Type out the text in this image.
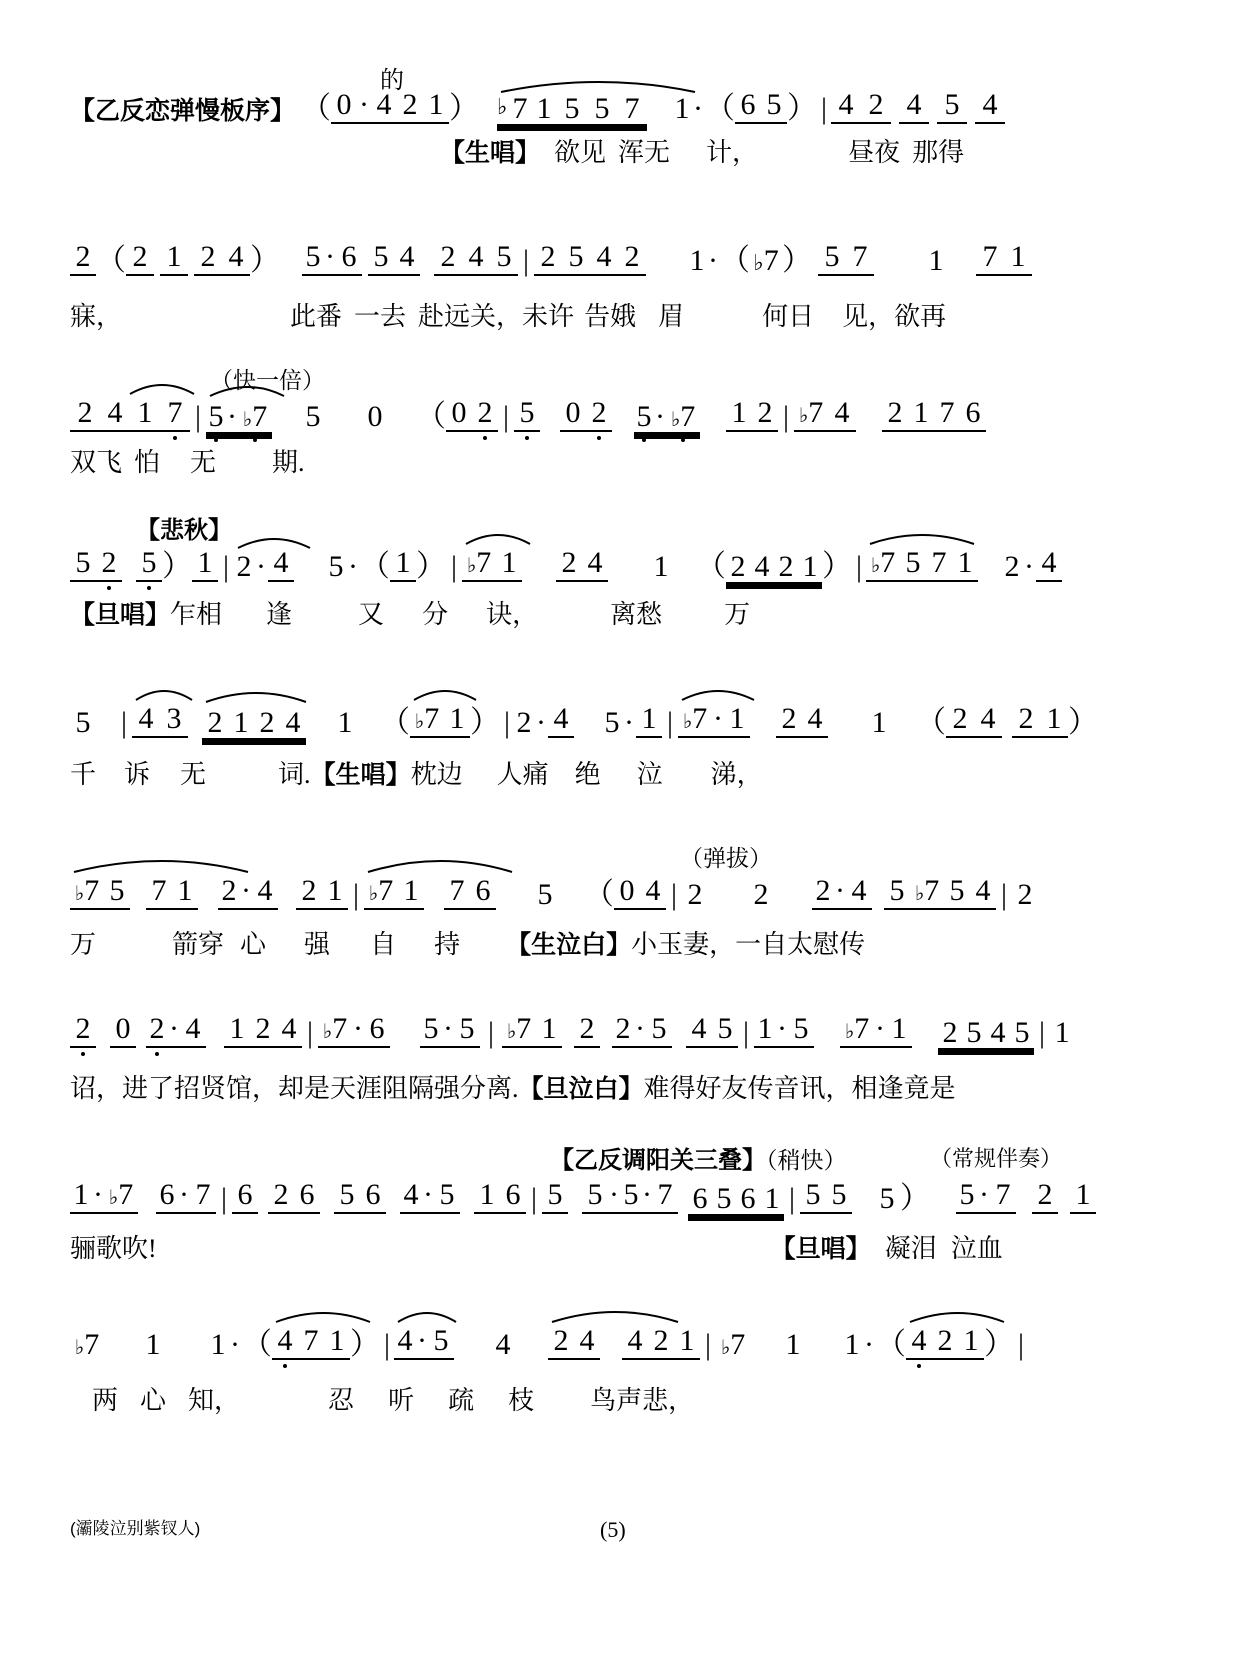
的
【乙反恋弹慢板序】 （ 0 · 4 2 1 ） ♭ 7 1 5 5 7 1 · （ 6 5 ） | 4 2 4 5 4
【生唱】 欲见 浑无 计，	昼夜 那得
2 （ 2 1 2 4 ） 5 · 6 5 4 2 4 5 | 2 5 4 2 1 · （ ♭7 ） 5 7 1 7 1
寐，	此番 一去 赴远关，未许 告娥 眉	何日 见，欲再
（快一倍）
2 4 1 7 | 5 · ♭7 5 0 （ 0 2 | 5 0 2 5 · ♭7 1 2 | ♭7 4 2 1 7 6
双飞 怕 无 期.
【悲秋】
5 2 5 ） 1 | 2 · 4 5 · （ 1 ） | ♭7 1 2 4 1 （ 2 4 2 1 ） | ♭7 5 7 1 2 · 4
【旦唱】 乍相 逢	又 分 诀，	离愁 万
5 | 4 3 2 1 2 4 1 （ ♭7 1 ） | 2 · 4 5 · 1 | ♭7 · 1 2 4 1 （ 2 4 2 1 ）
千 诉 无	词. 【生唱】 枕边 人痛 绝 泣 涕，
（弹拔）
♭7 5 7 1 2 · 4 2 1 | ♭7 1 7 6 5 （ 0 4 | 2 2 2 · 4 5 ♭7 5 4 | 2
万	箭穿 心 强 自 持 【生泣白】 小玉妻，一自太慰传
2 0 2 · 4 1 2 4 | ♭7 · 6 5 · 5 | ♭7 1 2 2 · 5 4 5 | 1 · 5 ♭7 · 1 2 5 4 5 | 1
诏，进了招贤馆，却是天涯阻隔强分离. 【旦泣白】 难得好友传音讯，相逢竟是
【乙反调阳关三叠】（稍快）	（常规伴奏）
1 · ♭7 6 · 7 | 6 2 6 5 6 4 · 5 1 6 | 5 5 · 5 · 7 6 5 6 1 | 5 5 5 ） 5 · 7 2 1
骊歌吹!	【旦唱】 凝泪 泣血
♭7 1 1 · （ 4 7 1 ） | 4 · 5 4 2 4 4 2 1 | ♭7 1 1 · （ 4 2 1 ） |
两 心 知，	忍 听 疏 枝 鸟声悲，
(灞陵泣别紫钗人)	(5)
